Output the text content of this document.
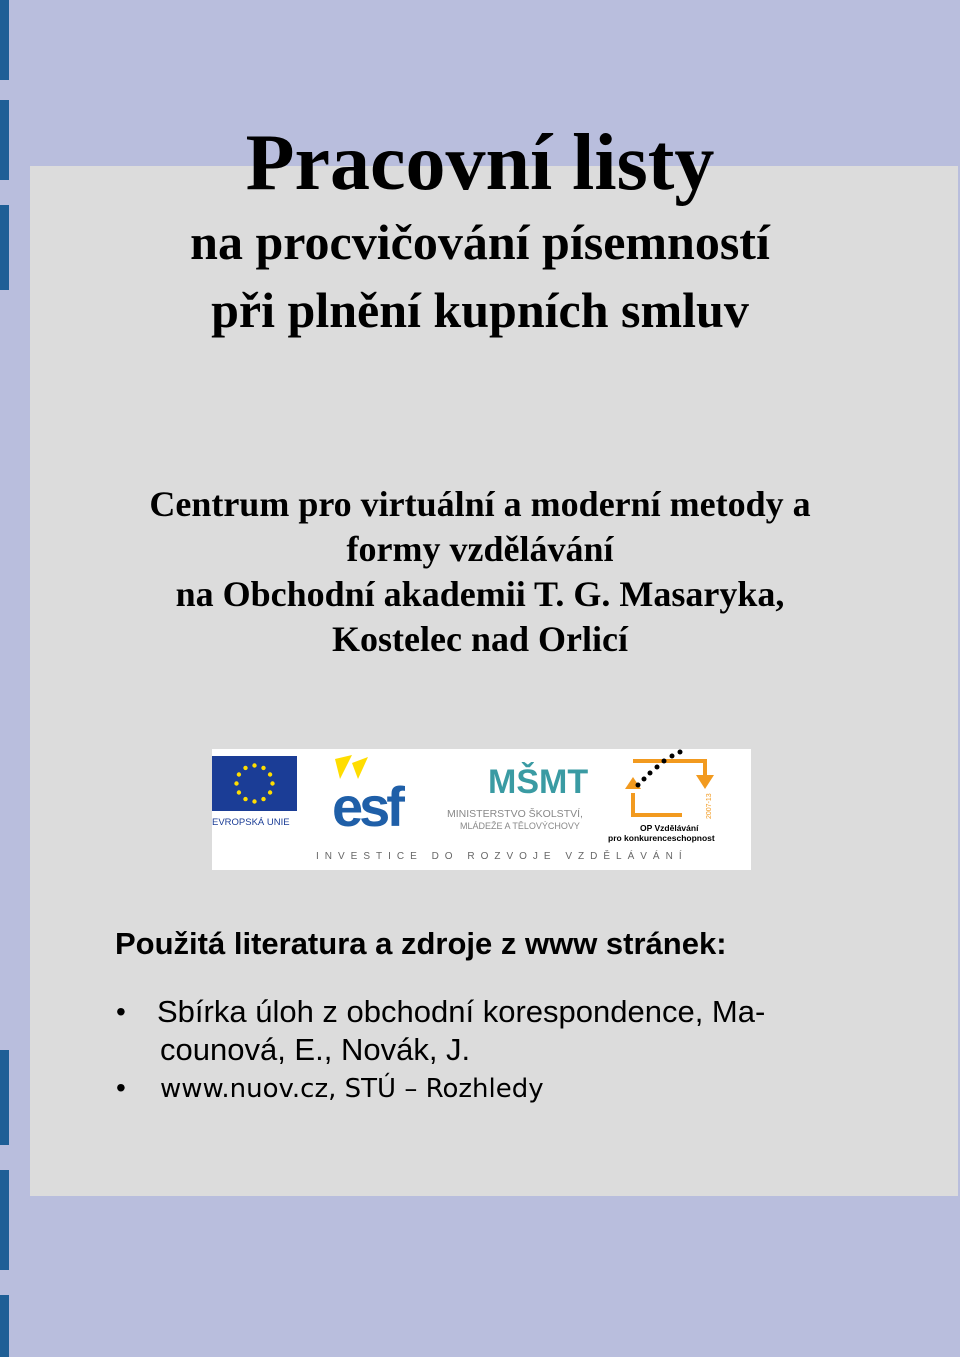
Pracovní listy

na procvičování písemností

při plnění kupních smluv

Centrum pro virtuální a moderní metody a

formy vzdělávání

na Obchodní akademii T. G. Masaryka,

Kostelec nad Orlicí

EVROPSKÁ UNIE esf	MŠMT
MINISTERSTVO ŠKOLSTVÍ,
MLÁDEŽE A TĚLOVÝCHOVY
2007-13
OP Vzdělávání
pro konkurenceschopnost
INVESTICE DO ROZVOJE VZDĚLÁVÁNÍ
Použitá literatura a zdroje z www stránek:
• Sbírka úloh z obchodní korespondence, Ma-
counová, E., Novák, J.
• www.nuov.cz, STÚ – Rozhledy
